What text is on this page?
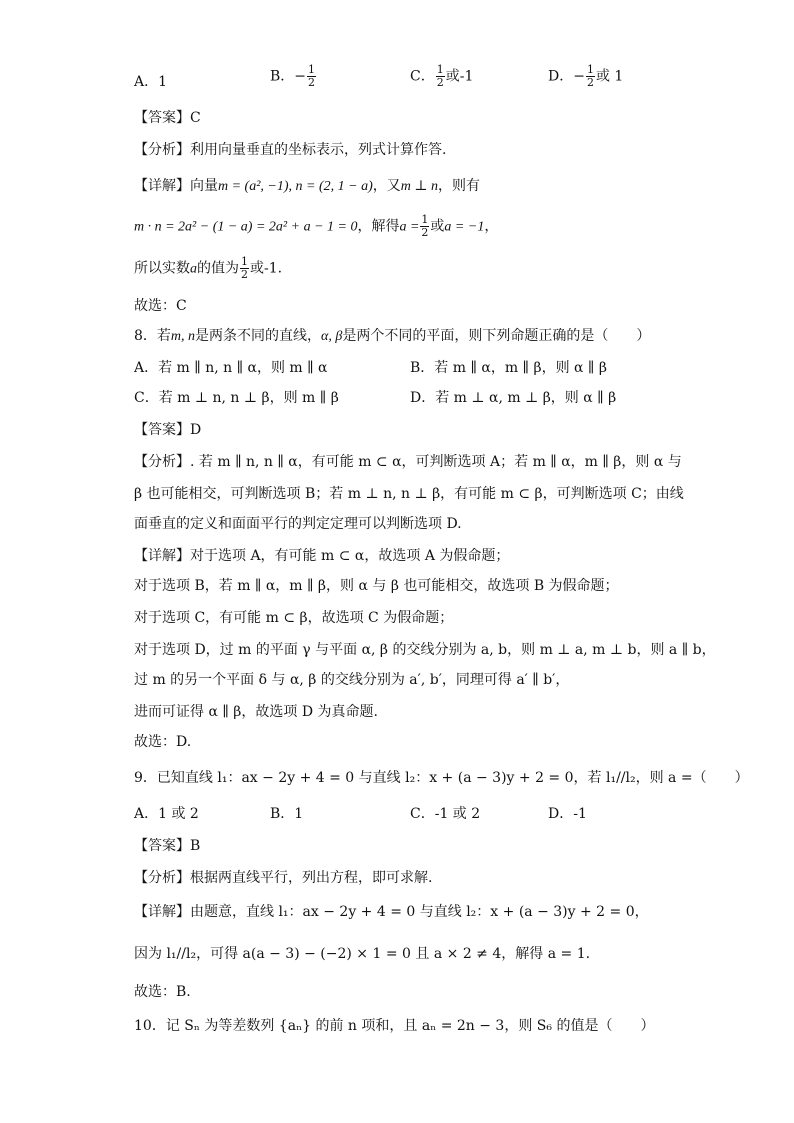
A．1	B．− $\frac{1}{2}$	C． $\frac{1}{2}$ 或-1	D．− $\frac{1}{2}$ 或 1
【答案】C
【分析】利用向量垂直的坐标表示，列式计算作答.
【详解】向量m = (a², −1), n = (2, 1 − a)，又m ⊥ n，则有
m · n = 2a² − (1 − a) = 2a² + a − 1 = 0，解得$a = \frac{1}{2}$ 或a = −1，
所以实数a的值为 $\frac{1}{2}$ 或-1.
故选：C
8．若m, n是两条不同的直线，α, β是两个不同的平面，则下列命题正确的是（　　）
A．若 m ∥ n, n ∥ α，则 m ∥ α	B．若 m ∥ α，m ∥ β，则 α ∥ β
C．若 m ⊥ n, n ⊥ β，则 m ∥ β	D．若 m ⊥ α, m ⊥ β，则 α ∥ β
【答案】D
【分析】. 若 m ∥ n, n ∥ α，有可能 m ⊂ α，可判断选项 A；若 m ∥ α，m ∥ β，则 α 与
β 也可能相交，可判断选项 B；若 m ⊥ n, n ⊥ β，有可能 m ⊂ β，可判断选项 C；由线
面垂直的定义和面面平行的判定定理可以判断选项 D.
【详解】对于选项 A，有可能 m ⊂ α，故选项 A 为假命题；
对于选项 B，若 m ∥ α，m ∥ β，则 α 与 β 也可能相交，故选项 B 为假命题；
对于选项 C，有可能 m ⊂ β，故选项 C 为假命题；
对于选项 D，过 m 的平面 γ 与平面 α, β 的交线分别为 a, b，则 m ⊥ a, m ⊥ b，则 a ∥ b，
过 m 的另一个平面 δ 与 α, β 的交线分别为 a′, b′，同理可得 a′ ∥ b′，
进而可证得 α ∥ β，故选项 D 为真命题.
故选：D.
9．已知直线 l₁：ax − 2y + 4 = 0 与直线 l₂：x + (a − 3)y + 2 = 0，若 l₁//l₂，则 a =（　　）
A．1 或 2	B．1	C．-1 或 2	D．-1
【答案】B
【分析】根据两直线平行，列出方程，即可求解.
【详解】由题意，直线 l₁：ax − 2y + 4 = 0 与直线 l₂：x + (a − 3)y + 2 = 0，
因为 l₁//l₂，可得 a(a − 3) − (−2) × 1 = 0 且 a × 2 ≠ 4，解得 a = 1.
故选：B.
10．记 Sₙ 为等差数列 {aₙ} 的前 n 项和，且 aₙ = 2n − 3，则 S₆ 的值是（　　）
